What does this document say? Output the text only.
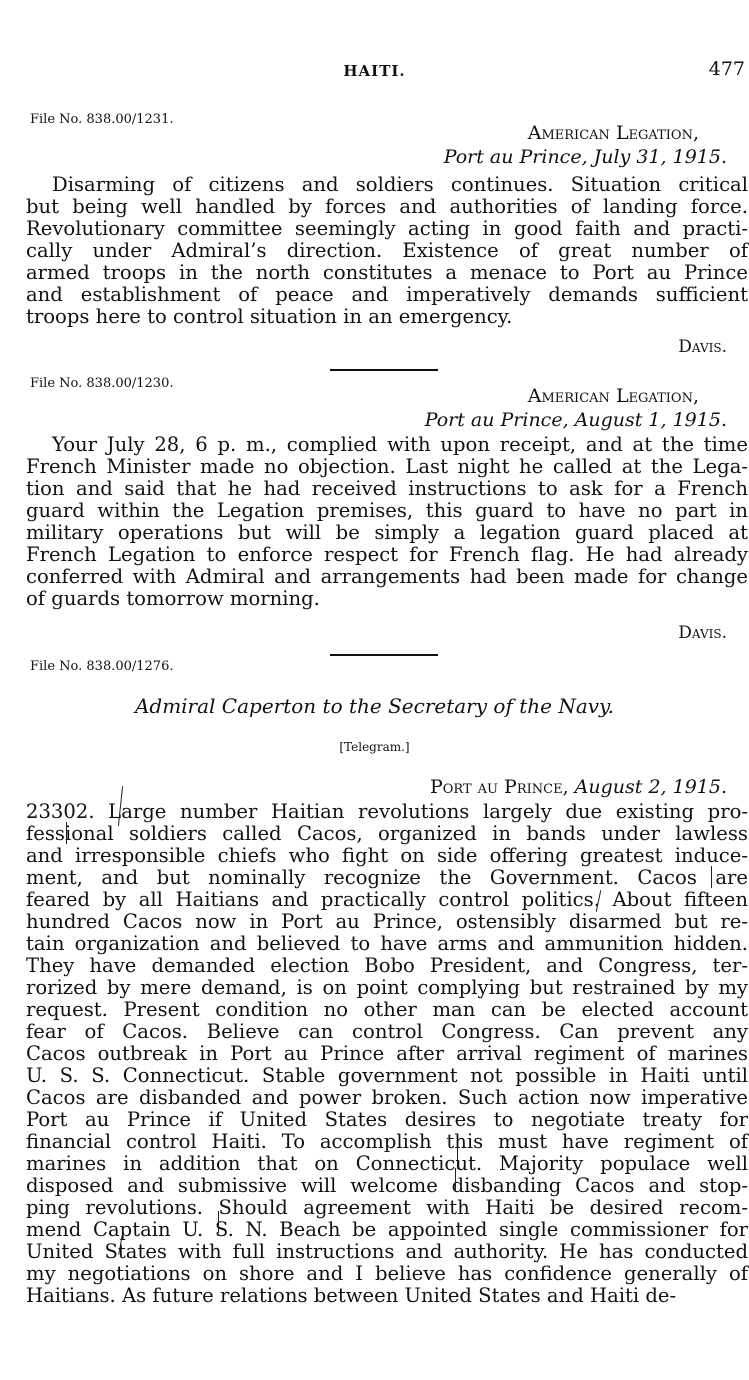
HAITI.	477
File No. 838.00/1231.
American Legation,
Port au Prince, July 31, 1915.

Disarming of citizens and soldiers continues. Situation critical

but being well handled by forces and authorities of landing force.

Revolutionary committee seemingly acting in good faith and practi-

cally under Admiral’s direction. Existence of great number of

armed troops in the north constitutes a menace to Port au Prince

and establishment of peace and imperatively demands sufficient

troops here to control situation in an emergency.

Davis.
File No. 838.00/1230.
American Legation,
Port au Prince, August 1, 1915.

Your July 28, 6 p. m., complied with upon receipt, and at the time

French Minister made no objection. Last night he called at the Lega-

tion and said that he had received instructions to ask for a French

guard within the Legation premises, this guard to have no part in

military operations but will be simply a legation guard placed at

French Legation to enforce respect for French flag. He had already

conferred with Admiral and arrangements had been made for change

of guards tomorrow morning.

Davis.
File No. 838.00/1276.
Admiral Caperton to the Secretary of the Navy.
[Telegram.]
Port au Prince, August 2, 1915.

23302. Large number Haitian revolutions largely due existing pro-

fessional soldiers called Cacos, organized in bands under lawless

and irresponsible chiefs who fight on side offering greatest induce-

ment, and but nominally recognize the Government. Cacos are

feared by all Haitians and practically control politics. About fifteen

hundred Cacos now in Port au Prince, ostensibly disarmed but re-

tain organization and believed to have arms and ammunition hidden.

They have demanded election Bobo President, and Congress, ter-

rorized by mere demand, is on point complying but restrained by my

request. Present condition no other man can be elected account

fear of Cacos. Believe can control Congress. Can prevent any

Cacos outbreak in Port au Prince after arrival regiment of marines

U. S. S. Connecticut. Stable government not possible in Haiti until

Cacos are disbanded and power broken. Such action now imperative

Port au Prince if United States desires to negotiate treaty for

financial control Haiti. To accomplish this must have regiment of

marines in addition that on Connecticut. Majority populace well

disposed and submissive will welcome disbanding Cacos and stop-

ping revolutions. Should agreement with Haiti be desired recom-

mend Captain U. S. N. Beach be appointed single commissioner for

United States with full instructions and authority. He has conducted

my negotiations on shore and I believe has confidence generally of

Haitians. As future relations between United States and Haiti de-
